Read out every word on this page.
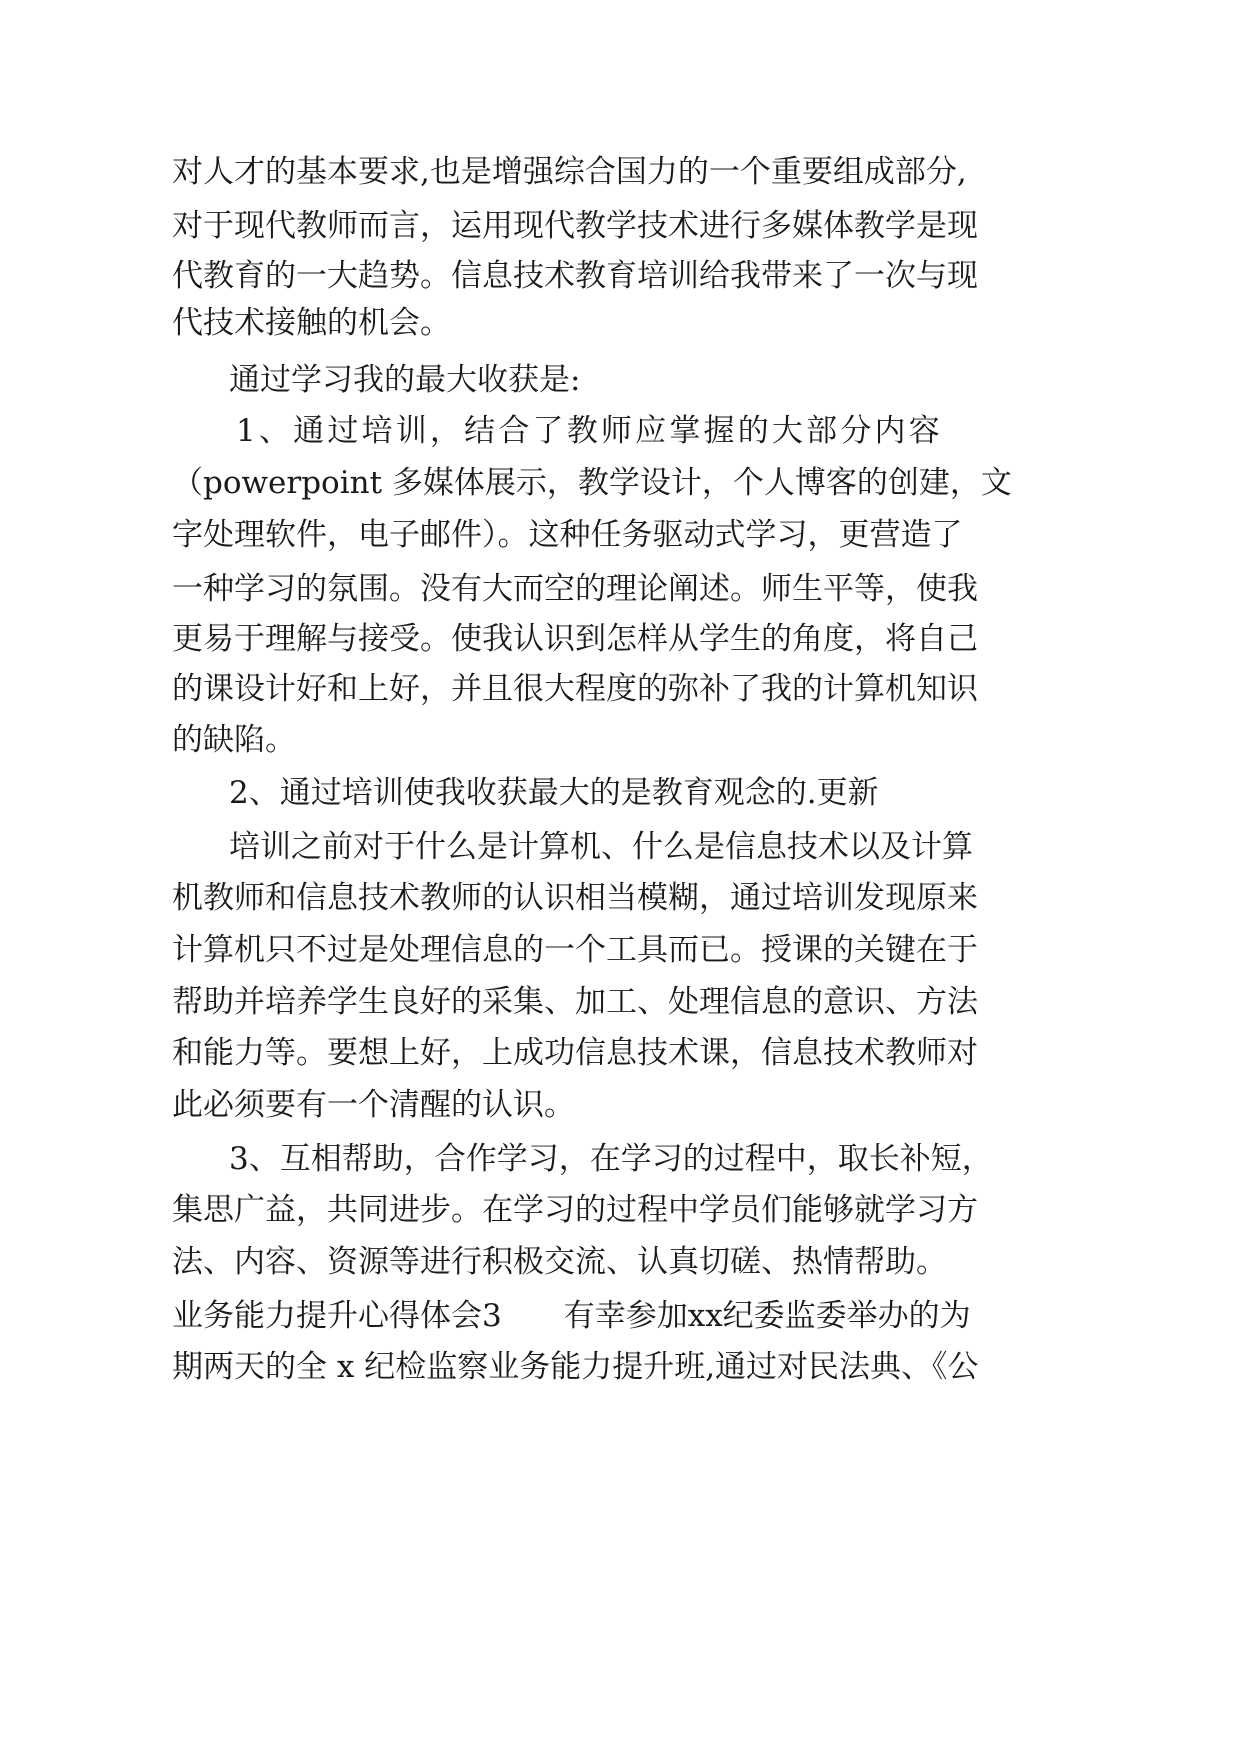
对人才的基本要求,也是增强综合国力的一个重要组成部分,
对于现代教师而言，运用现代教学技术进行多媒体教学是现
代教育的一大趋势。信息技术教育培训给我带来了一次与现
代技术接触的机会。
通过学习我的最大收获是:
1、通过培训，结合了教师应掌握的大部分内容
（powerpoint 多媒体展示，教学设计，个人博客的创建，文
字处理软件，电子邮件）。这种任务驱动式学习，更营造了
一种学习的氛围。没有大而空的理论阐述。师生平等，使我
更易于理解与接受。使我认识到怎样从学生的角度，将自己
的课设计好和上好，并且很大程度的弥补了我的计算机知识
的缺陷。
2、通过培训使我收获最大的是教育观念的.更新
培训之前对于什么是计算机、什么是信息技术以及计算
机教师和信息技术教师的认识相当模糊，通过培训发现原来
计算机只不过是处理信息的一个工具而已。授课的关键在于
帮助并培养学生良好的采集、加工、处理信息的意识、方法
和能力等。要想上好，上成功信息技术课，信息技术教师对
此必须要有一个清醒的认识。
3、互相帮助，合作学习，在学习的过程中，取长补短，
集思广益，共同进步。在学习的过程中学员们能够就学习方
法、内容、资源等进行积极交流、认真切磋、热情帮助。
业务能力提升心得体会3　　有幸参加xx纪委监委举办的为
期两天的全 x 纪检监察业务能力提升班,通过对民法典、《公
